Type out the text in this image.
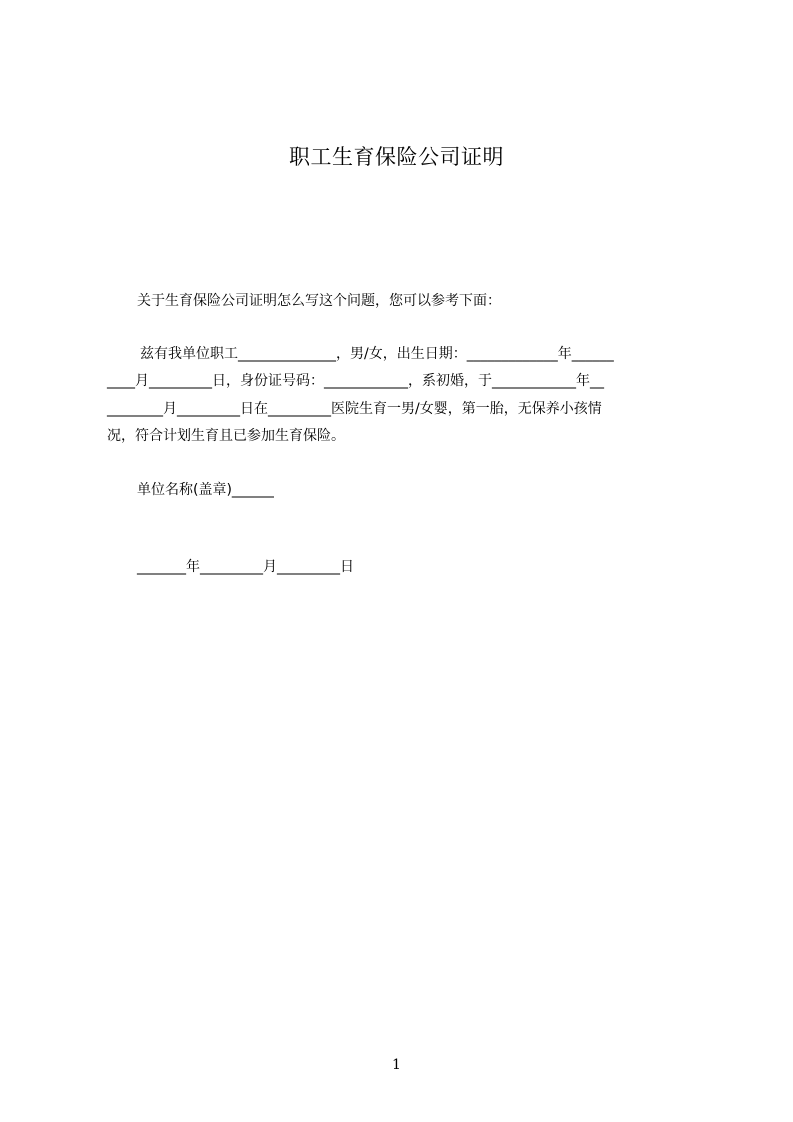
职工生育保险公司证明
关于生育保险公司证明怎么写这个问题，您可以参考下面：
兹有我单位职工______________，男/女，出生日期：_____________年______
____月_________日，身份证号码：____________，系初婚，于____________年__
________月_________日在_________医院生育一男/女婴，第一胎，无保养小孩情
况，符合计划生育且已参加生育保险。
单位名称(盖章)______
_______年_________月_________日
1
